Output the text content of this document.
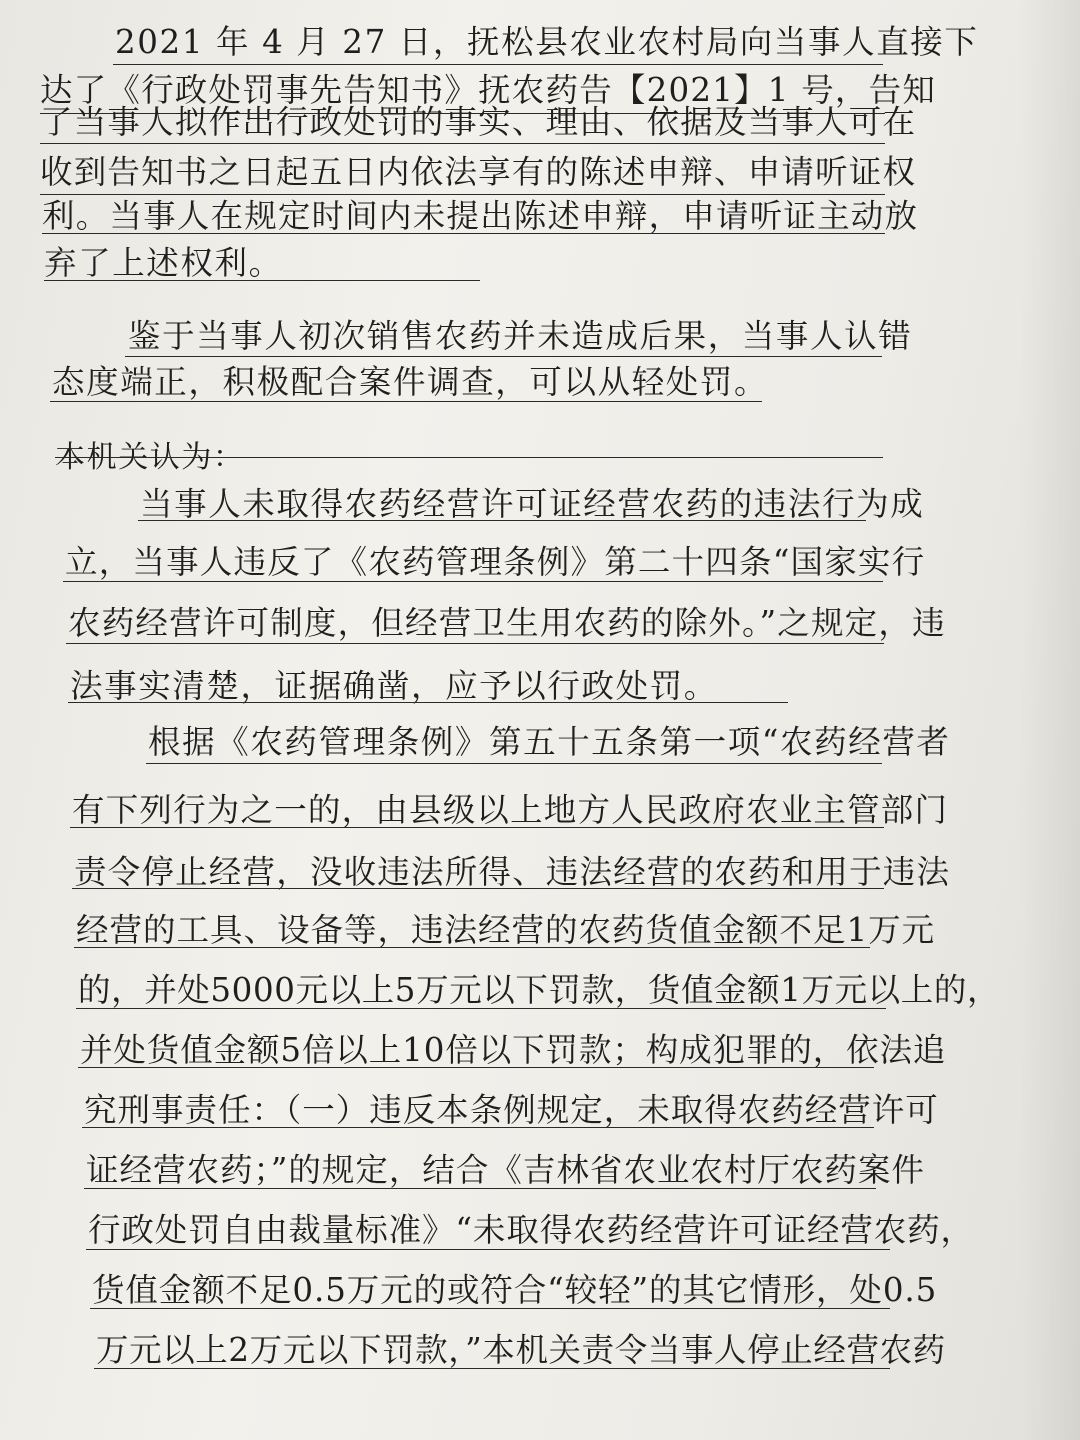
2021 年 4 月 27 日，抚松县农业农村局向当事人直接下
达了《行政处罚事先告知书》抚农药告【2021】1 号，告知
了当事人拟作出行政处罚的事实、理由、依据及当事人可在
收到告知书之日起五日内依法享有的陈述申辩、申请听证权
利。当事人在规定时间内未提出陈述申辩，申请听证主动放
弃了上述权利。
鉴于当事人初次销售农药并未造成后果，当事人认错
态度端正，积极配合案件调查，可以从轻处罚。
本机关认为：
当事人未取得农药经营许可证经营农药的违法行为成
立，当事人违反了《农药管理条例》第二十四条“国家实行
农药经营许可制度，但经营卫生用农药的除外。”之规定，违
法事实清楚，证据确凿，应予以行政处罚。
根据《农药管理条例》第五十五条第一项“农药经营者
有下列行为之一的，由县级以上地方人民政府农业主管部门
责令停止经营，没收违法所得、违法经营的农药和用于违法
经营的工具、设备等，违法经营的农药货值金额不足1万元
的，并处5000元以上5万元以下罚款，货值金额1万元以上的，
并处货值金额5倍以上10倍以下罚款；构成犯罪的，依法追
究刑事责任：（一）违反本条例规定，未取得农药经营许可
证经营农药；”的规定，结合《吉林省农业农村厅农药案件
行政处罚自由裁量标准》“未取得农药经营许可证经营农药，
货值金额不足0.5万元的或符合“较轻”的其它情形，处0.5
万元以上2万元以下罚款，”本机关责令当事人停止经营农药
